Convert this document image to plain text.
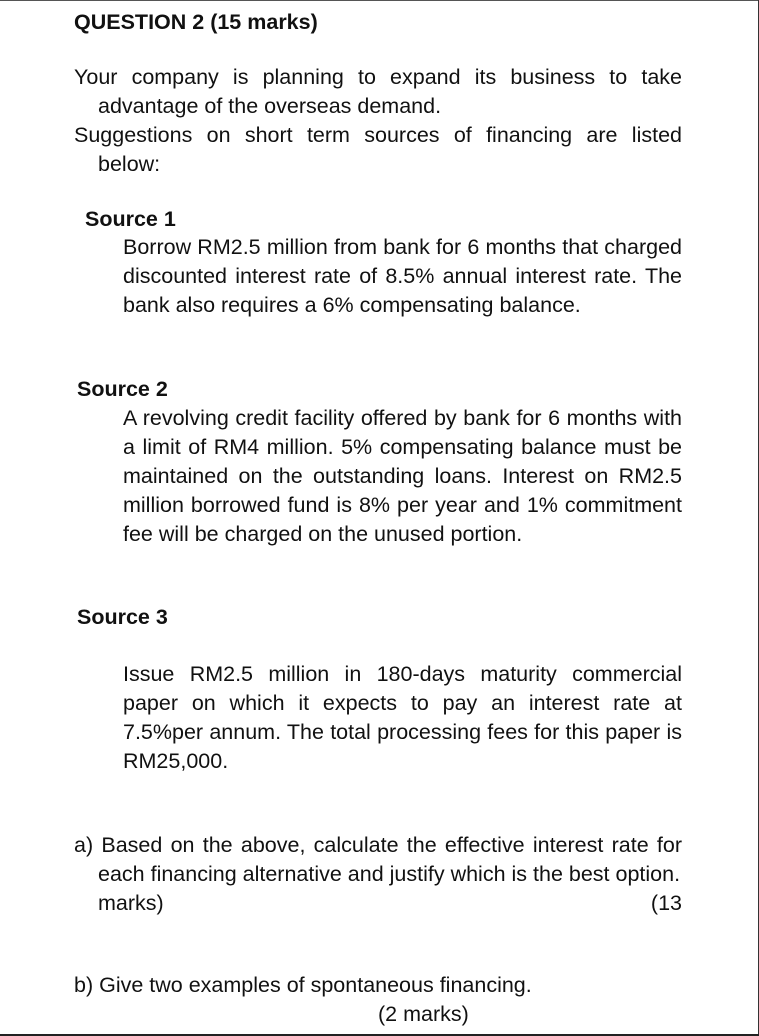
QUESTION 2 (15 marks)

Your company is planning to expand its business to take advantage of the overseas demand.

Suggestions on short term sources of financing are listed below:

Source 1

Borrow RM2.5 million from bank for 6 months that charged discounted interest rate of 8.5% annual interest rate. The bank also requires a 6% compensating balance.

Source 2

A revolving credit facility offered by bank for 6 months with a limit of RM4 million. 5% compensating balance must be maintained on the outstanding loans. Interest on RM2.5 million borrowed fund is 8% per year and 1% commitment fee will be charged on the unused portion.

Source 3

Issue RM2.5 million in 180-days maturity commercial paper on which it expects to pay an interest rate at 7.5%per annum. The total processing fees for this paper is RM25,000.

a) Based on the above, calculate the effective interest rate for each financing alternative and justify which is the best option.
(13

marks)

b) Give two examples of spontaneous financing.

(2 marks)
